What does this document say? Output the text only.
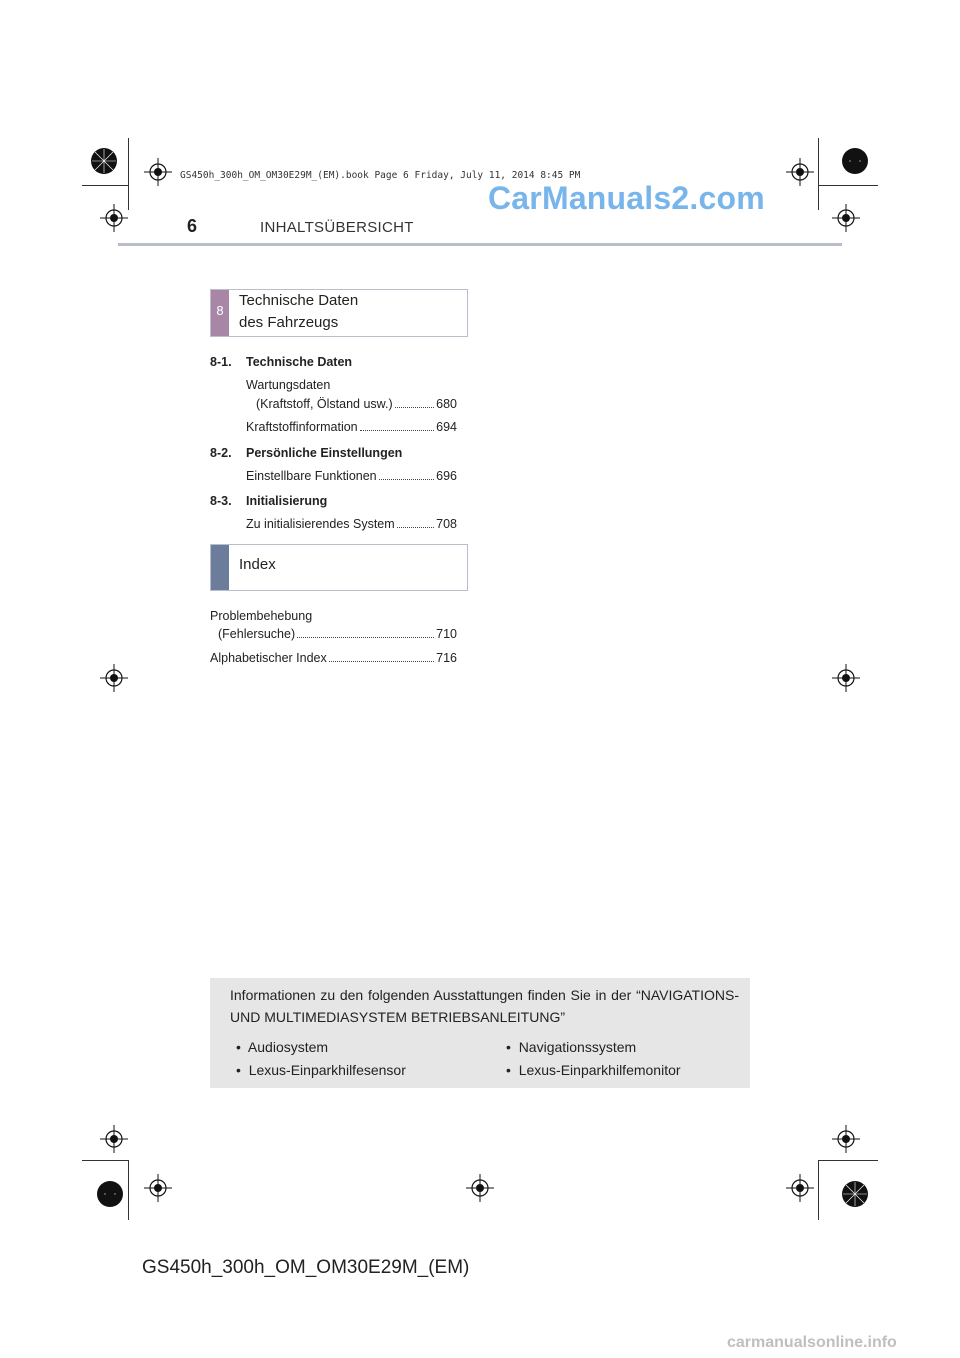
GS450h_300h_OM_OM30E29M_(EM).book Page 6 Friday, July 11, 2014 8:45 PM
CarManuals2.com
6	INHALTSÜBERSICHT
8
Technische Daten
des Fahrzeugs
8-1. Technische Daten
Wartungsdaten
(Kraftstoff, Ölstand usw.)	680
Kraftstoffinformation	694
8-2. Persönliche Einstellungen
Einstellbare Funktionen	696
8-3. Initialisierung
Zu initialisierendes System	708
Index
Problembehebung
(Fehlersuche)	710
Alphabetischer Index	716
Informationen zu den folgenden Ausstattungen finden Sie in der “NAVIGATIONS- UND MULTIMEDIASYSTEM BETRIEBSANLEITUNG”
• Audiosystem	• Navigationssystem
• Lexus-Einparkhilfesensor	• Lexus-Einparkhilfemonitor
GS450h_300h_OM_OM30E29M_(EM)
carmanualsonline.info
